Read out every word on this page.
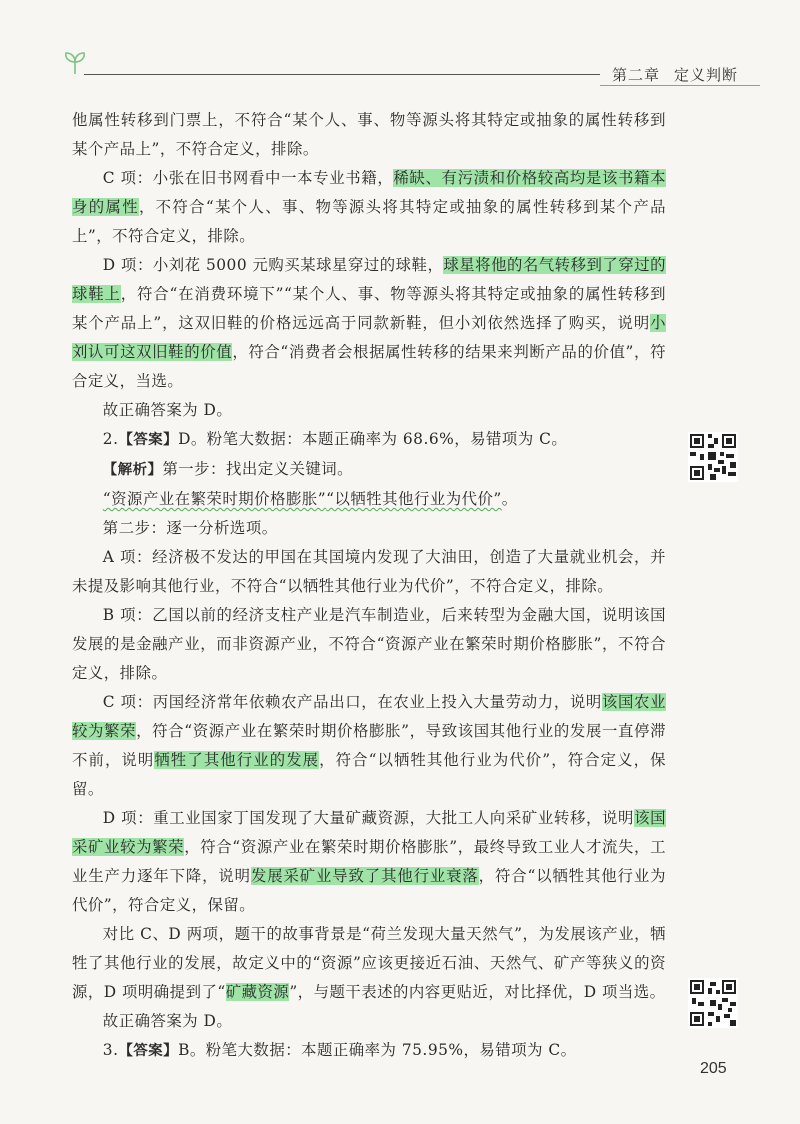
第二章 定义判断

他属性转移到门票上，不符合“某个人、事、物等源头将其特定或抽象的属性转移到某个产品上”，不符合定义，排除。

C 项：小张在旧书网看中一本专业书籍，稀缺、有污渍和价格较高均是该书籍本身的属性，不符合“某个人、事、物等源头将其特定或抽象的属性转移到某个产品上”，不符合定义，排除。

D 项：小刘花 5000 元购买某球星穿过的球鞋，球星将他的名气转移到了穿过的球鞋上，符合“在消费环境下”“某个人、事、物等源头将其特定或抽象的属性转移到某个产品上”，这双旧鞋的价格远远高于同款新鞋，但小刘依然选择了购买，说明小刘认可这双旧鞋的价值，符合“消费者会根据属性转移的结果来判断产品的价值”，符合定义，当选。

故正确答案为 D。

2.【答案】D。粉笔大数据：本题正确率为 68.6%，易错项为 C。

【解析】第一步：找出定义关键词。

“资源产业在繁荣时期价格膨胀”“以牺牲其他行业为代价”。

第二步：逐一分析选项。

A 项：经济极不发达的甲国在其国境内发现了大油田，创造了大量就业机会，并未提及影响其他行业，不符合“以牺牲其他行业为代价”，不符合定义，排除。

B 项：乙国以前的经济支柱产业是汽车制造业，后来转型为金融大国，说明该国发展的是金融产业，而非资源产业，不符合“资源产业在繁荣时期价格膨胀”，不符合定义，排除。

C 项：丙国经济常年依赖农产品出口，在农业上投入大量劳动力，说明该国农业较为繁荣，符合“资源产业在繁荣时期价格膨胀”，导致该国其他行业的发展一直停滞不前，说明牺牲了其他行业的发展，符合“以牺牲其他行业为代价”，符合定义，保留。

D 项：重工业国家丁国发现了大量矿藏资源，大批工人向采矿业转移，说明该国采矿业较为繁荣，符合“资源产业在繁荣时期价格膨胀”，最终导致工业人才流失，工业生产力逐年下降，说明发展采矿业导致了其他行业衰落，符合“以牺牲其他行业为代价”，符合定义，保留。

对比 C、D 两项，题干的故事背景是“荷兰发现大量天然气”，为发展该产业，牺牲了其他行业的发展，故定义中的“资源”应该更接近石油、天然气、矿产等狭义的资源，D 项明确提到了“矿藏资源”，与题干表述的内容更贴近，对比择优，D 项当选。

故正确答案为 D。

3.【答案】B。粉笔大数据：本题正确率为 75.95%，易错项为 C。

205
